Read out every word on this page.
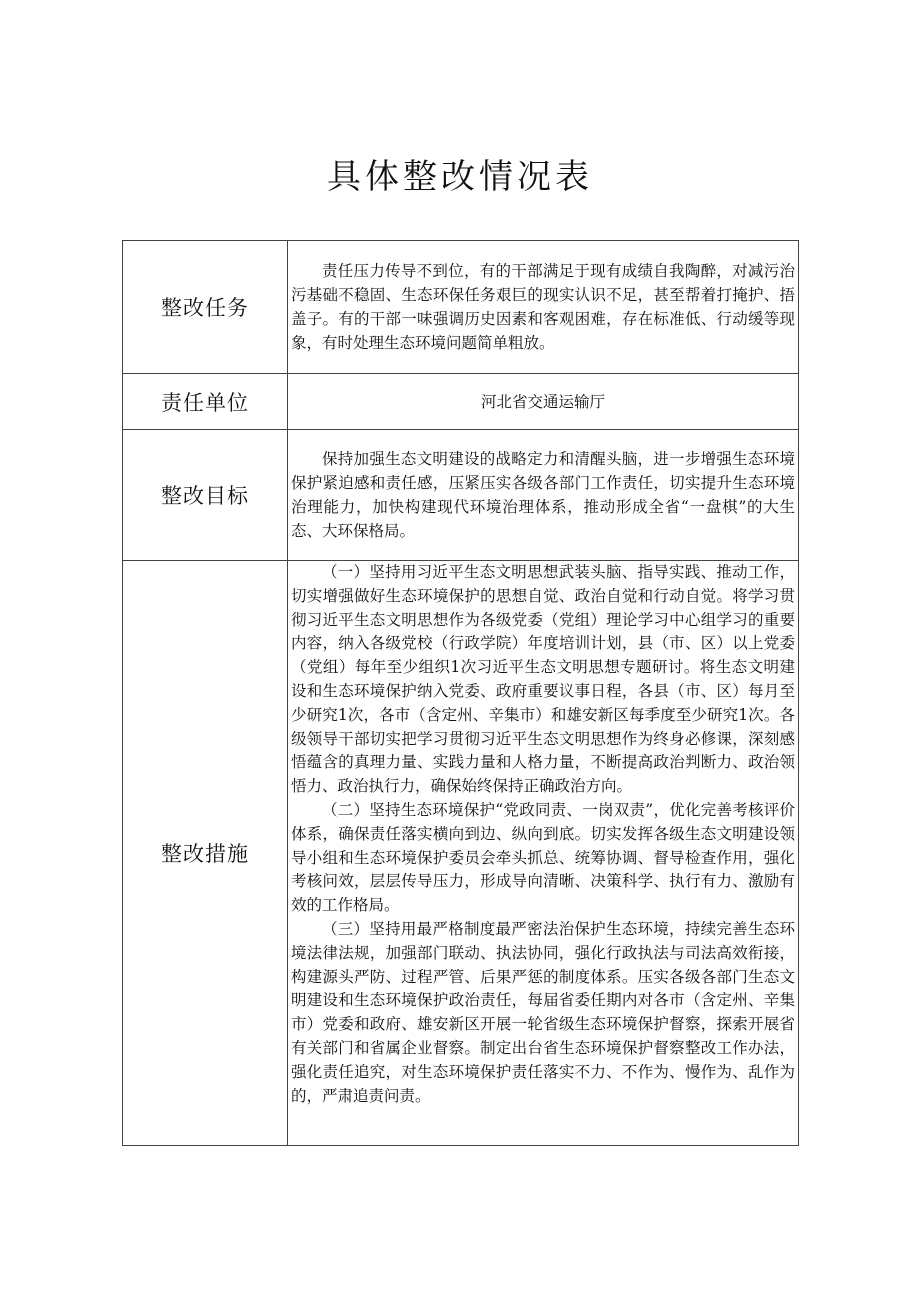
具体整改情况表
整改任务	责任压力传导不到位，有的干部满足于现有成绩自我陶醉，对减污治污基础不稳固、生态环保任务艰巨的现实认识不足，甚至帮着打掩护、捂盖子。有的干部一味强调历史因素和客观困难，存在标准低、行动缓等现象，有时处理生态环境问题简单粗放。

责任单位	河北省交通运输厅

整改目标	保持加强生态文明建设的战略定力和清醒头脑，进一步增强生态环境保护紧迫感和责任感，压紧压实各级各部门工作责任，切实提升生态环境治理能力，加快构建现代环境治理体系，推动形成全省“一盘棋”的大生态、大环保格局。

整改措施	（一）坚持用习近平生态文明思想武装头脑、指导实践、推动工作，切实增强做好生态环境保护的思想自觉、政治自觉和行动自觉。将学习贯彻习近平生态文明思想作为各级党委（党组）理论学习中心组学习的重要内容，纳入各级党校（行政学院）年度培训计划，县（市、区）以上党委（党组）每年至少组织1次习近平生态文明思想专题研讨。将生态文明建设和生态环境保护纳入党委、政府重要议事日程，各县（市、区）每月至少研究1次，各市（含定州、辛集市）和雄安新区每季度至少研究1次。各级领导干部切实把学习贯彻习近平生态文明思想作为终身必修课，深刻感悟蕴含的真理力量、实践力量和人格力量，不断提高政治判断力、政治领悟力、政治执行力，确保始终保持正确政治方向。

（二）坚持生态环境保护“党政同责、一岗双责”，优化完善考核评价体系，确保责任落实横向到边、纵向到底。切实发挥各级生态文明建设领导小组和生态环境保护委员会牵头抓总、统筹协调、督导检查作用，强化考核问效，层层传导压力，形成导向清晰、决策科学、执行有力、激励有效的工作格局。

（三）坚持用最严格制度最严密法治保护生态环境，持续完善生态环境法律法规，加强部门联动、执法协同，强化行政执法与司法高效衔接，构建源头严防、过程严管、后果严惩的制度体系。压实各级各部门生态文明建设和生态环境保护政治责任，每届省委任期内对各市（含定州、辛集市）党委和政府、雄安新区开展一轮省级生态环境保护督察，探索开展省有关部门和省属企业督察。制定出台省生态环境保护督察整改工作办法，强化责任追究，对生态环境保护责任落实不力、不作为、慢作为、乱作为的，严肃追责问责。
